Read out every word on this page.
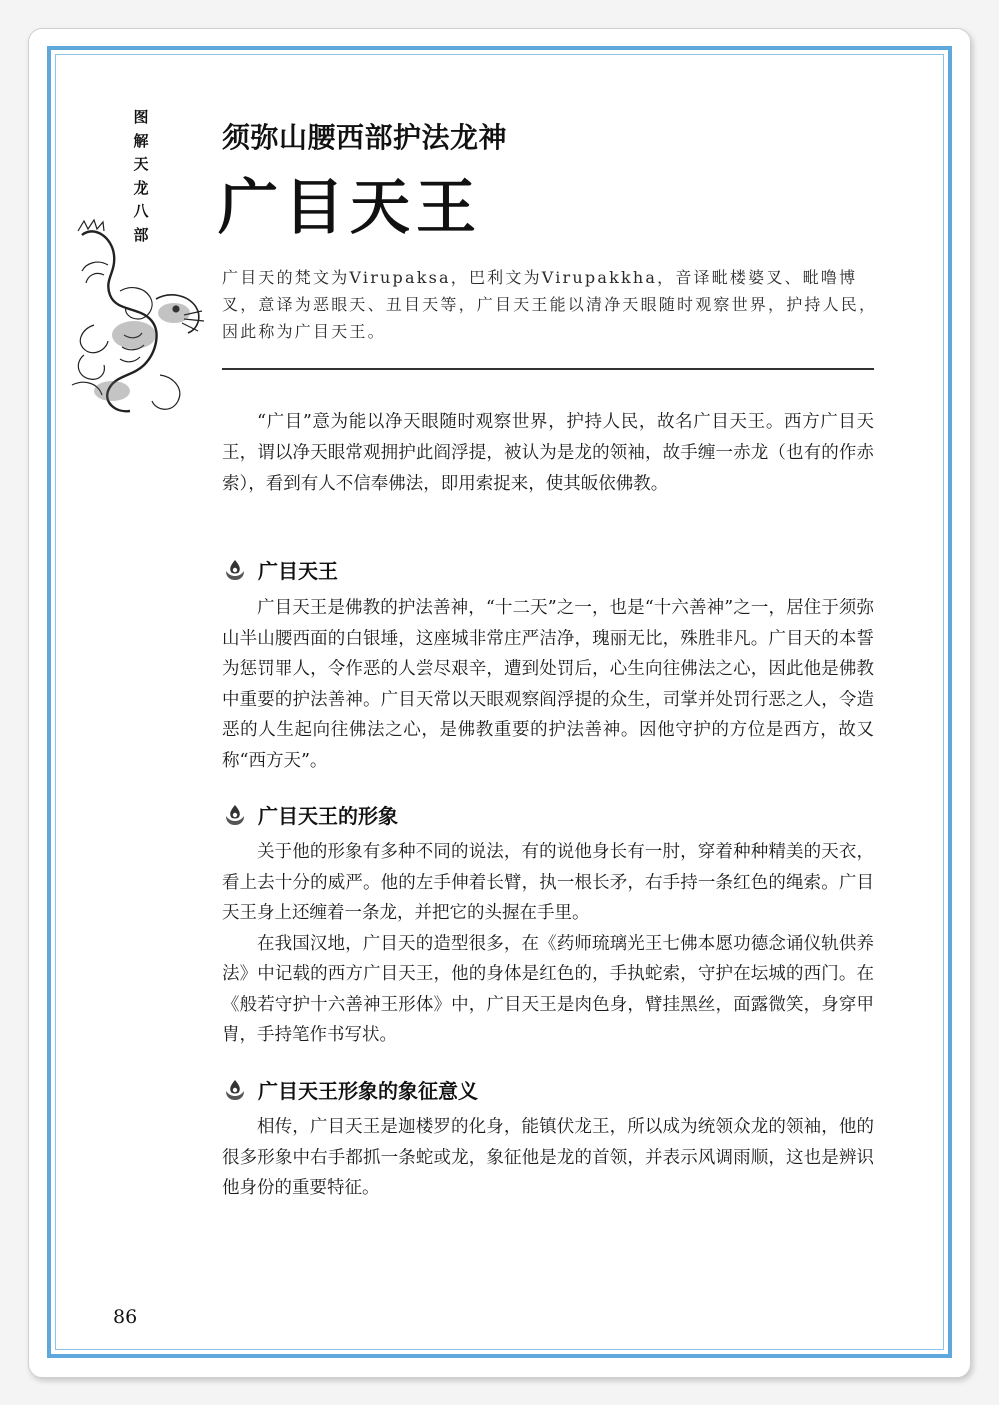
图
解
天
龙
八
部
须弥山腰西部护法龙神
广目天王
广目天的梵文为Virupaksa，巴利文为Virupakkha，音译毗楼婆叉、毗噜博叉，意译为恶眼天、丑目天等，广目天王能以清净天眼随时观察世界，护持人民，因此称为广目天王。
“广目”意为能以净天眼随时观察世界，护持人民，故名广目天王。西方广目天王，谓以净天眼常观拥护此阎浮提，被认为是龙的领袖，故手缠一赤龙（也有的作赤索），看到有人不信奉佛法，即用索捉来，使其皈依佛教。
广目天王

广目天王是佛教的护法善神，“十二天”之一，也是“十六善神”之一，居住于须弥山半山腰西面的白银埵，这座城非常庄严洁净，瑰丽无比，殊胜非凡。广目天的本誓为惩罚罪人，令作恶的人尝尽艰辛，遭到处罚后，心生向往佛法之心，因此他是佛教中重要的护法善神。广目天常以天眼观察阎浮提的众生，司掌并处罚行恶之人，令造恶的人生起向往佛法之心，是佛教重要的护法善神。因他守护的方位是西方，故又称“西方天”。

广目天王的形象

关于他的形象有多种不同的说法，有的说他身长有一肘，穿着种种精美的天衣，看上去十分的威严。他的左手伸着长臂，执一根长矛，右手持一条红色的绳索。广目天王身上还缠着一条龙，并把它的头握在手里。

在我国汉地，广目天的造型很多，在《药师琉璃光王七佛本愿功德念诵仪轨供养法》中记载的西方广目天王，他的身体是红色的，手执蛇索，守护在坛城的西门。在《般若守护十六善神王形体》中，广目天王是肉色身，臂挂黑丝，面露微笑，身穿甲胄，手持笔作书写状。

广目天王形象的象征意义

相传，广目天王是迦楼罗的化身，能镇伏龙王，所以成为统领众龙的领袖，他的很多形象中右手都抓一条蛇或龙，象征他是龙的首领，并表示风调雨顺，这也是辨识他身份的重要特征。

86
